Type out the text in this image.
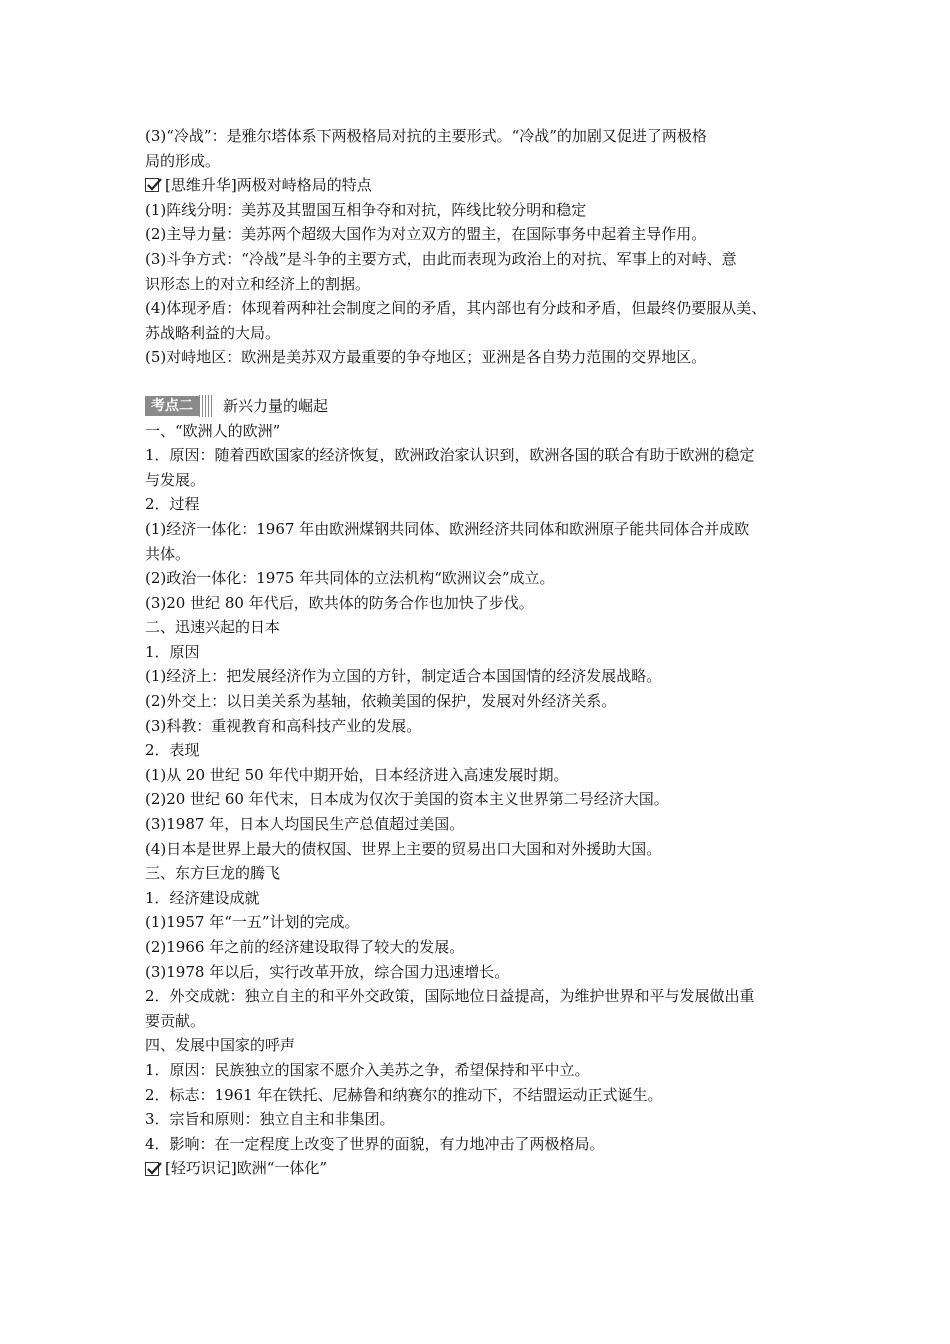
(3)“冷战”：是雅尔塔体系下两极格局对抗的主要形式。“冷战”的加剧又促进了两极格

局的形成。

[思维升华]两极对峙格局的特点

(1)阵线分明：美苏及其盟国互相争夺和对抗，阵线比较分明和稳定

(2)主导力量：美苏两个超级大国作为对立双方的盟主，在国际事务中起着主导作用。

(3)斗争方式：“冷战”是斗争的主要方式，由此而表现为政治上的对抗、军事上的对峙、意

识形态上的对立和经济上的割据。

(4)体现矛盾：体现着两种社会制度之间的矛盾，其内部也有分歧和矛盾，但最终仍要服从美、

苏战略利益的大局。

(5)对峙地区：欧洲是美苏双方最重要的争夺地区；亚洲是各自势力范围的交界地区。

考点二	新兴力量的崛起

一、“欧洲人的欧洲”

1．原因：随着西欧国家的经济恢复，欧洲政治家认识到，欧洲各国的联合有助于欧洲的稳定

与发展。

2．过程

(1)经济一体化：1967 年由欧洲煤钢共同体、欧洲经济共同体和欧洲原子能共同体合并成欧

共体。

(2)政治一体化：1975 年共同体的立法机构“欧洲议会”成立。

(3)20 世纪 80 年代后，欧共体的防务合作也加快了步伐。

二、迅速兴起的日本

1．原因

(1)经济上：把发展经济作为立国的方针，制定适合本国国情的经济发展战略。

(2)外交上：以日美关系为基轴，依赖美国的保护，发展对外经济关系。

(3)科教：重视教育和高科技产业的发展。

2．表现

(1)从 20 世纪 50 年代中期开始，日本经济进入高速发展时期。

(2)20 世纪 60 年代末，日本成为仅次于美国的资本主义世界第二号经济大国。

(3)1987 年，日本人均国民生产总值超过美国。

(4)日本是世界上最大的债权国、世界上主要的贸易出口大国和对外援助大国。

三、东方巨龙的腾飞

1．经济建设成就

(1)1957 年“一五”计划的完成。

(2)1966 年之前的经济建设取得了较大的发展。

(3)1978 年以后，实行改革开放，综合国力迅速增长。

2．外交成就：独立自主的和平外交政策，国际地位日益提高，为维护世界和平与发展做出重

要贡献。

四、发展中国家的呼声

1．原因：民族独立的国家不愿介入美苏之争，希望保持和平中立。

2．标志：1961 年在铁托、尼赫鲁和纳赛尔的推动下，不结盟运动正式诞生。

3．宗旨和原则：独立自主和非集团。

4．影响：在一定程度上改变了世界的面貌，有力地冲击了两极格局。

[轻巧识记]欧洲“一体化”
